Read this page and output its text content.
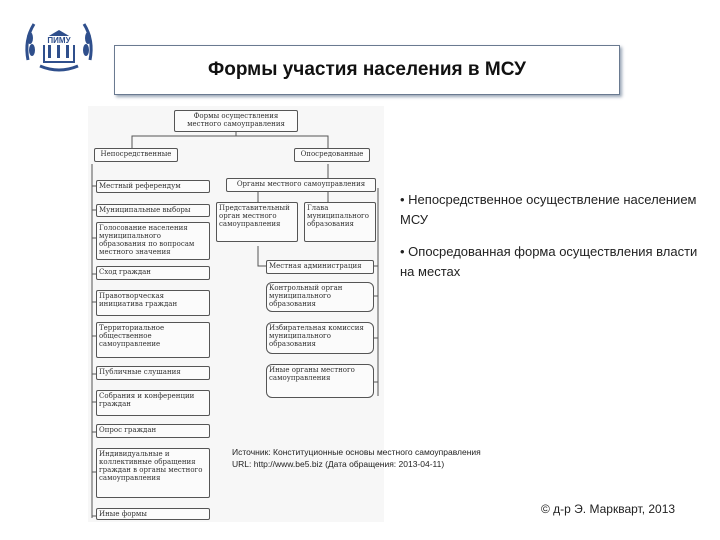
ПИМУ
Формы участия населения в МСУ
Формы осуществления местного самоуправления
Непосредственные	Опосредованные
Местный референдум
Муниципальные выборы
Голосование населения муниципального образования по вопросам местного значения
Сход граждан
Правотворческая инициатива граждан
Территориальное общественное самоуправление
Публичные слушания
Собрания и конференции граждан
Опрос граждан
Индивидуальные и коллективные обращения граждан в органы местного самоуправления
Иные формы
Органы местного самоуправления
Представительный орган местного самоуправления
Глава муниципального образования
Местная администрация
Контрольный орган муниципального образования
Избирательная комиссия муниципального образования
Иные органы местного самоуправления
• Непосредственное осуществление населением МСУ
• Опосредованная форма осуществления власти на местах
Источник: Конституционные основы местного самоуправления
URL: http://www.be5.biz (Дата обращения: 2013-04-11)
© д-р Э. Маркварт, 2013
